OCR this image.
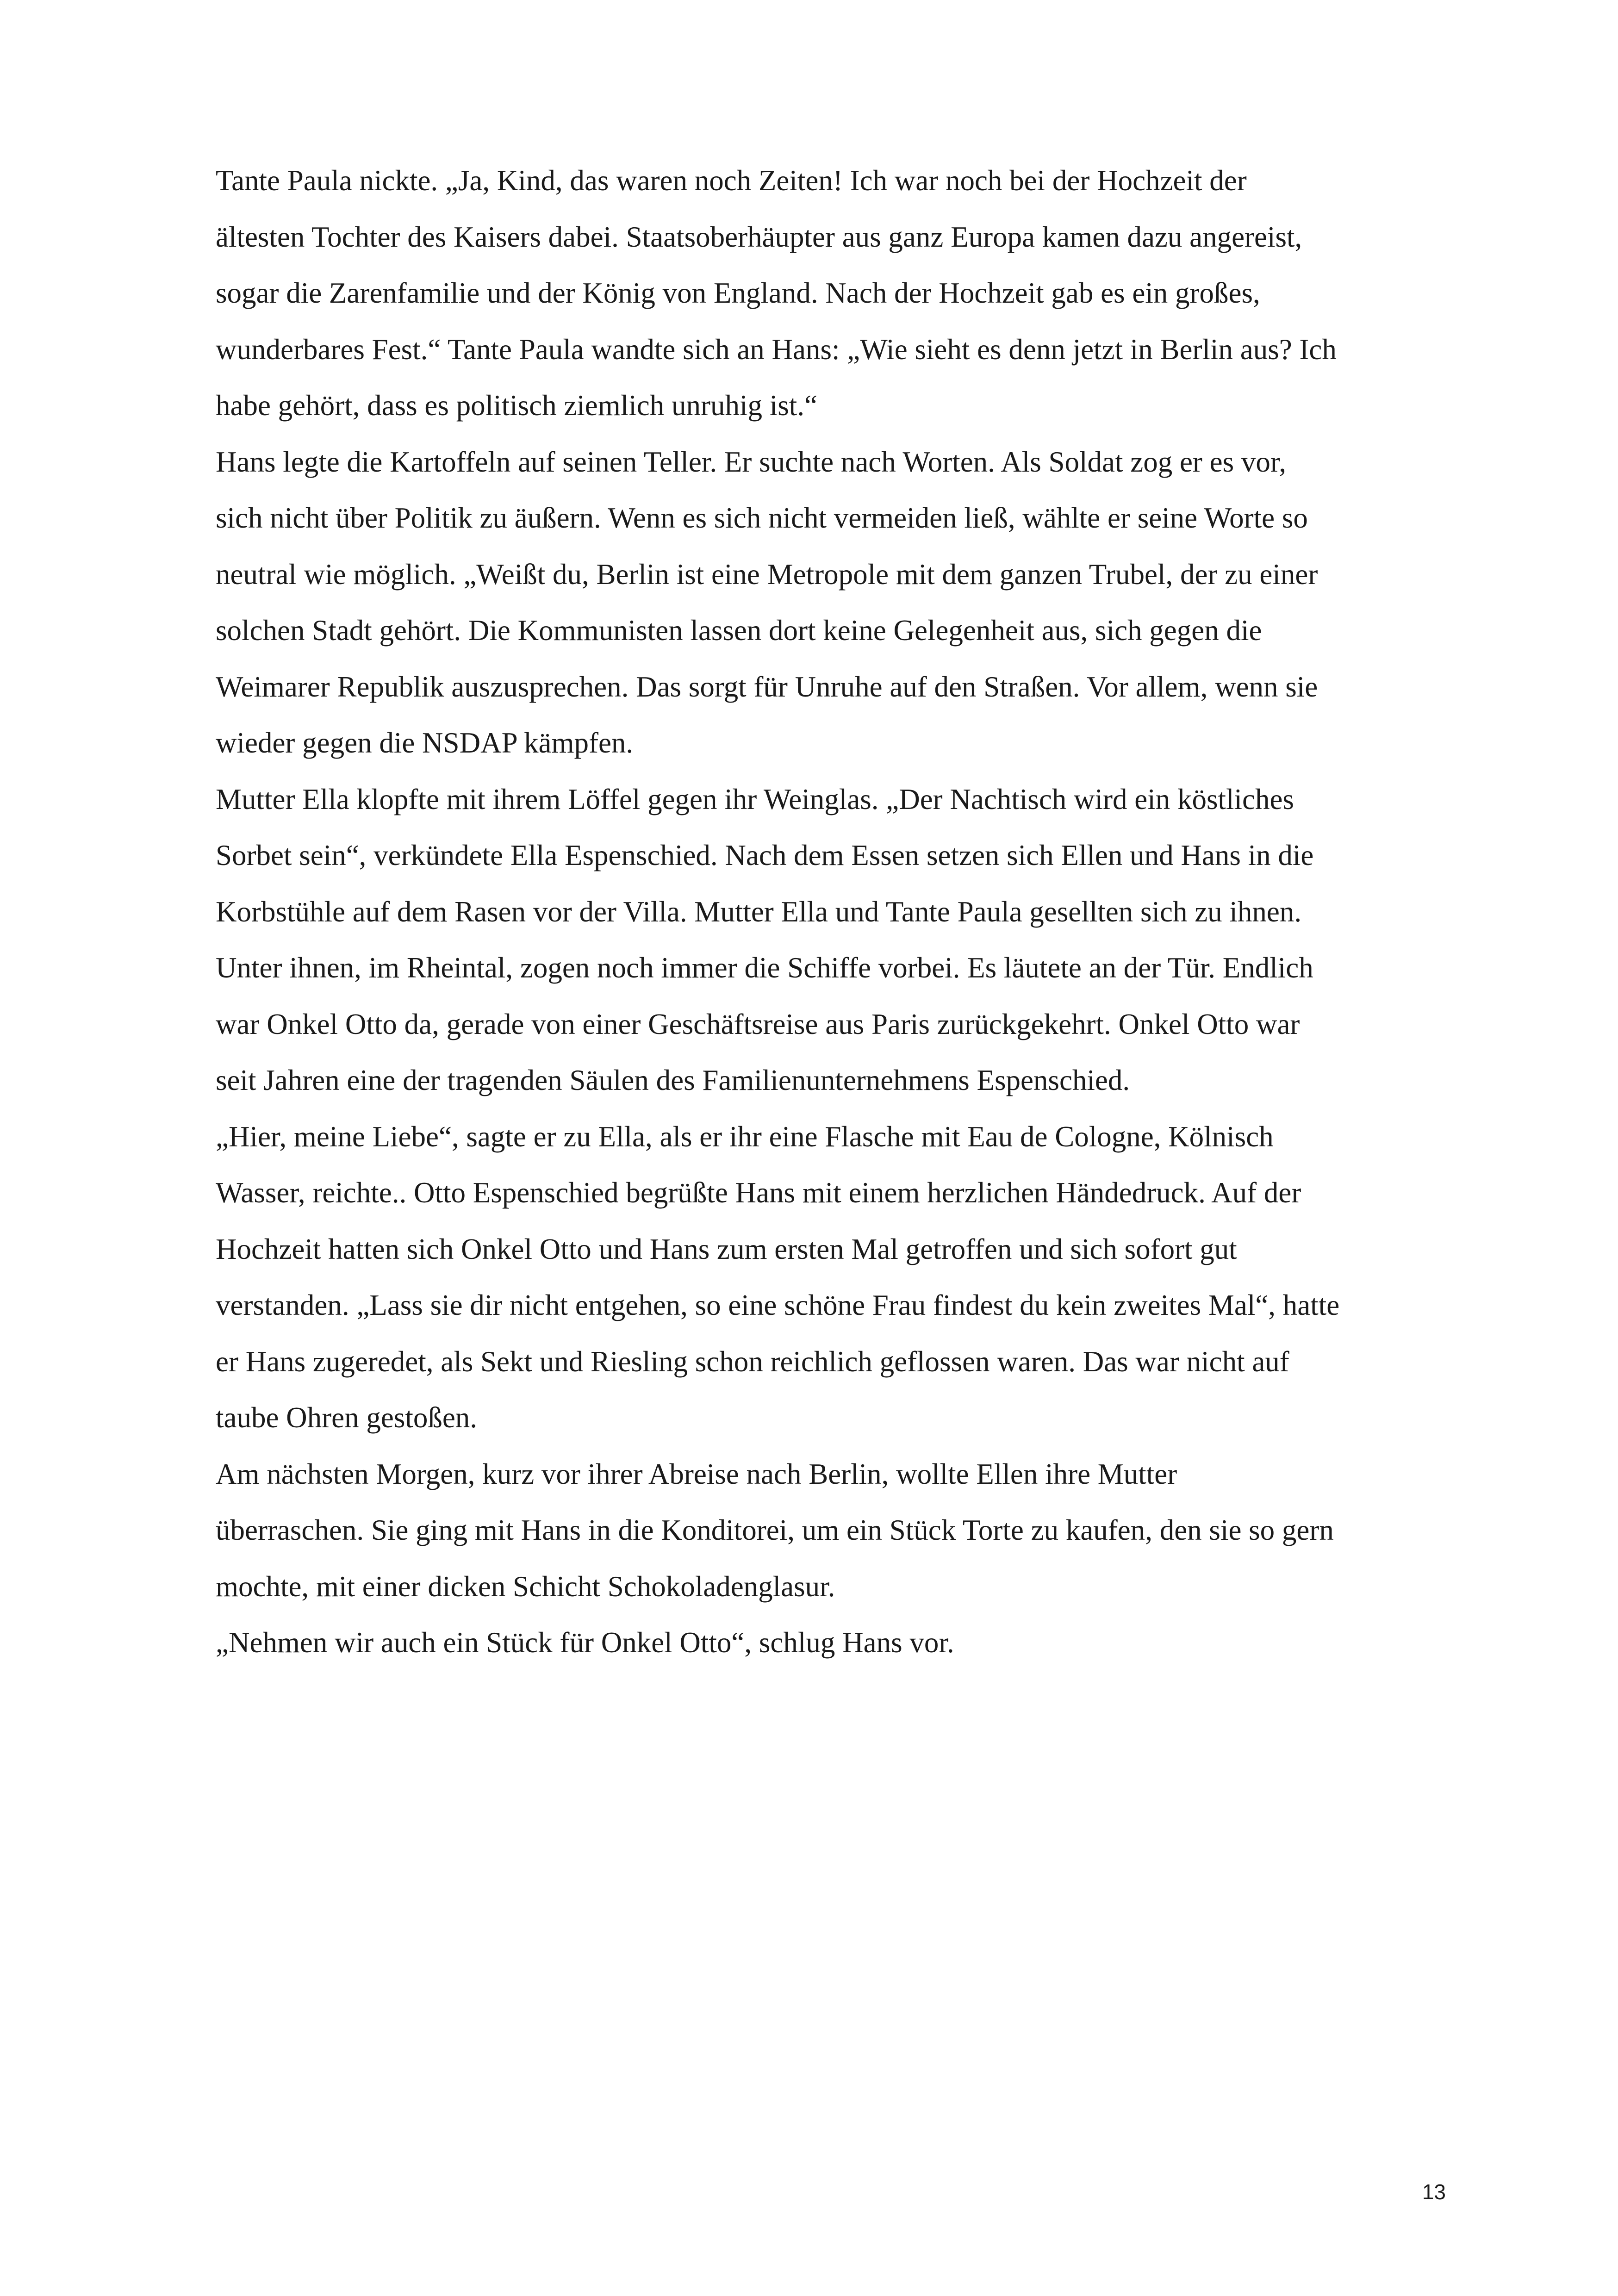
Tante Paula nickte. „Ja, Kind, das waren noch Zeiten! Ich war noch bei der Hochzeit der
ältesten Tochter des Kaisers dabei. Staatsoberhäupter aus ganz Europa kamen dazu angereist,
sogar die Zarenfamilie und der König von England. Nach der Hochzeit gab es ein großes,
wunderbares Fest.“ Tante Paula wandte sich an Hans: „Wie sieht es denn jetzt in Berlin aus? Ich
habe gehört, dass es politisch ziemlich unruhig ist.“

Hans legte die Kartoffeln auf seinen Teller. Er suchte nach Worten. Als Soldat zog er es vor,
sich nicht über Politik zu äußern. Wenn es sich nicht vermeiden ließ, wählte er seine Worte so
neutral wie möglich. „Weißt du, Berlin ist eine Metropole mit dem ganzen Trubel, der zu einer
solchen Stadt gehört. Die Kommunisten lassen dort keine Gelegenheit aus, sich gegen die
Weimarer Republik auszusprechen. Das sorgt für Unruhe auf den Straßen. Vor allem, wenn sie
wieder gegen die NSDAP kämpfen.

Mutter Ella klopfte mit ihrem Löffel gegen ihr Weinglas. „Der Nachtisch wird ein köstliches
Sorbet sein“, verkündete Ella Espenschied. Nach dem Essen setzen sich Ellen und Hans in die
Korbstühle auf dem Rasen vor der Villa. Mutter Ella und Tante Paula gesellten sich zu ihnen.
Unter ihnen, im Rheintal, zogen noch immer die Schiffe vorbei. Es läutete an der Tür. Endlich
war Onkel Otto da, gerade von einer Geschäftsreise aus Paris zurückgekehrt. Onkel Otto war
seit Jahren eine der tragenden Säulen des Familienunternehmens Espenschied.

„Hier, meine Liebe“, sagte er zu Ella, als er ihr eine Flasche mit Eau de Cologne, Kölnisch
Wasser, reichte.. Otto Espenschied begrüßte Hans mit einem herzlichen Händedruck. Auf der
Hochzeit hatten sich Onkel Otto und Hans zum ersten Mal getroffen und sich sofort gut
verstanden. „Lass sie dir nicht entgehen, so eine schöne Frau findest du kein zweites Mal“, hatte
er Hans zugeredet, als Sekt und Riesling schon reichlich geflossen waren. Das war nicht auf
taube Ohren gestoßen.

Am nächsten Morgen, kurz vor ihrer Abreise nach Berlin, wollte Ellen ihre Mutter
überraschen. Sie ging mit Hans in die Konditorei, um ein Stück Torte zu kaufen, den sie so gern
mochte, mit einer dicken Schicht Schokoladenglasur.

„Nehmen wir auch ein Stück für Onkel Otto“, schlug Hans vor.

13
